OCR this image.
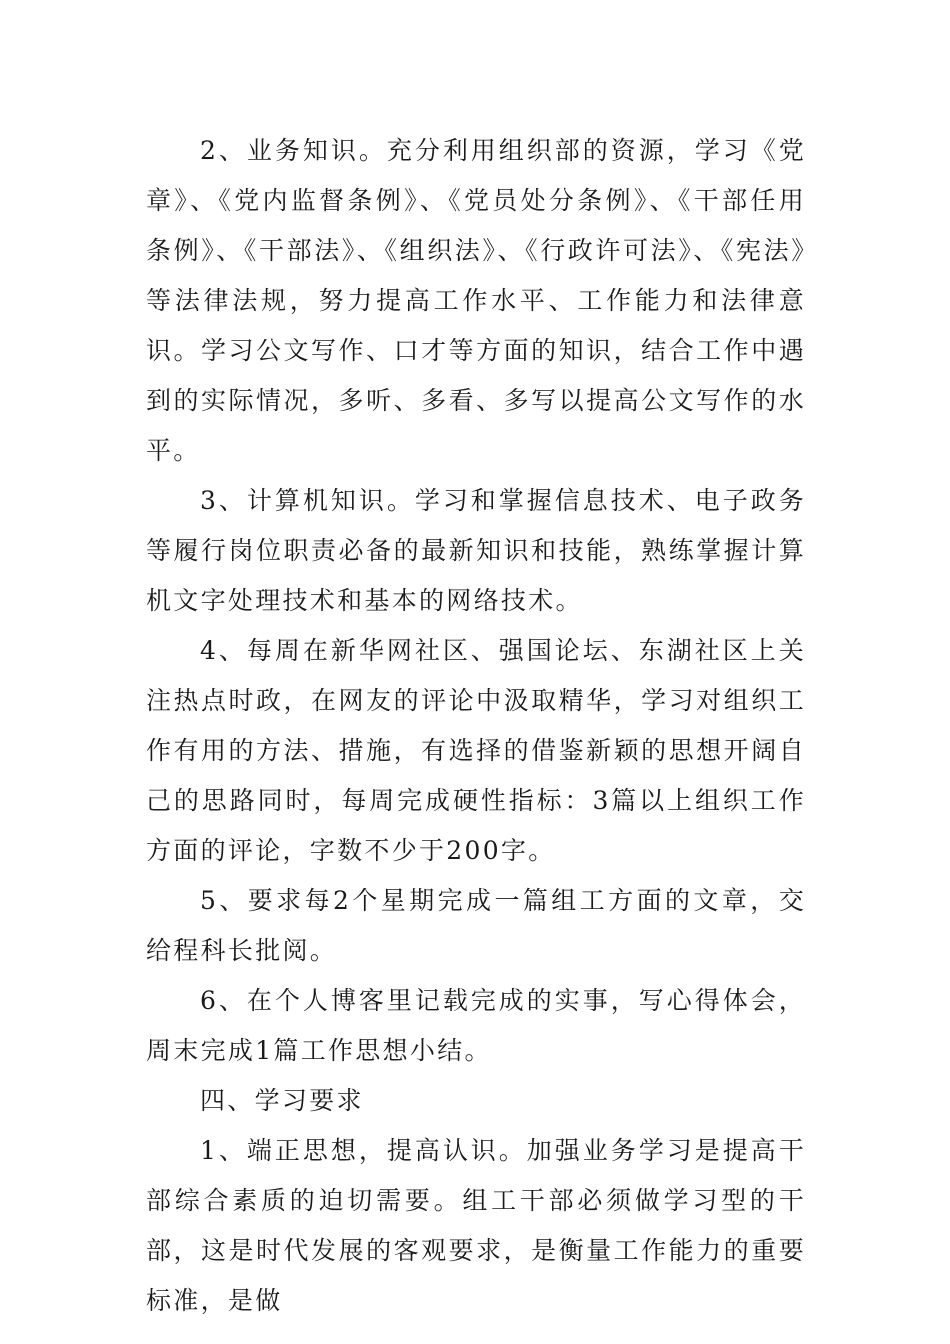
2、业务知识。充分利用组织部的资源，学习《党章》、《党内监督条例》、《党员处分条例》、《干部任用条例》、《干部法》、《组织法》、《行政许可法》、《宪法》等法律法规，努力提高工作水平、工作能力和法律意识。学习公文写作、口才等方面的知识，结合工作中遇到的实际情况，多听、多看、多写以提高公文写作的水平。

3、计算机知识。学习和掌握信息技术、电子政务等履行岗位职责必备的最新知识和技能，熟练掌握计算机文字处理技术和基本的网络技术。

4、每周在新华网社区、强国论坛、东湖社区上关注热点时政，在网友的评论中汲取精华，学习对组织工作有用的方法、措施，有选择的借鉴新颖的思想开阔自己的思路同时，每周完成硬性指标：3篇以上组织工作方面的评论，字数不少于200字。

5、要求每2个星期完成一篇组工方面的文章，交给程科长批阅。

6、在个人博客里记载完成的实事，写心得体会，周末完成1篇工作思想小结。

四、学习要求

1、端正思想，提高认识。加强业务学习是提高干部综合素质的迫切需要。组工干部必须做学习型的干部，这是时代发展的客观要求，是衡量工作能力的重要标准，是做
